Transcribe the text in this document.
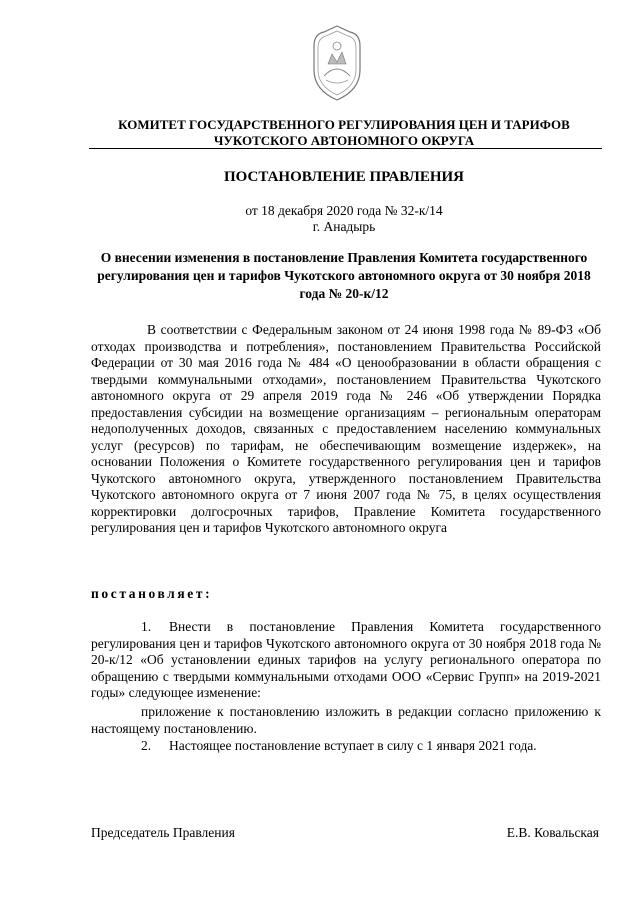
КОМИТЕТ ГОСУДАРСТВЕННОГО РЕГУЛИРОВАНИЯ ЦЕН И ТАРИФОВ
ЧУКОТСКОГО АВТОНОМНОГО ОКРУГА
ПОСТАНОВЛЕНИЕ ПРАВЛЕНИЯ
от 18 декабря 2020 года № 32-к/14
г. Анадырь
О внесении изменения в постановление Правления Комитета государственного регулирования цен и тарифов Чукотского автономного округа от 30 ноября 2018 года № 20-к/12
В соответствии с Федеральным законом от 24 июня 1998 года № 89-ФЗ «Об отходах производства и потребления», постановлением Правительства Российской Федерации от 30 мая 2016 года № 484 «О ценообразовании в области обращения с твердыми коммунальными отходами», постановлением Правительства Чукотского автономного округа от 29 апреля 2019 года № 246 «Об утверждении Порядка предоставления субсидии на возмещение организациям – региональным операторам недополученных доходов, связанных с предоставлением населению коммунальных услуг (ресурсов) по тарифам, не обеспечивающим возмещение издержек», на основании Положения о Комитете государственного регулирования цен и тарифов Чукотского автономного округа, утвержденного постановлением Правительства Чукотского автономного округа от 7 июня 2007 года № 75, в целях осуществления корректировки долгосрочных тарифов, Правление Комитета государственного регулирования цен и тарифов Чукотского автономного округа
постановляет:
1. Внести в постановление Правления Комитета государственного регулирования цен и тарифов Чукотского автономного округа от 30 ноября 2018 года № 20-к/12 «Об установлении единых тарифов на услугу регионального оператора по обращению с твердыми коммунальными отходами ООО «Сервис Групп» на 2019-2021 годы» следующее изменение:
приложение к постановлению изложить в редакции согласно приложению к настоящему постановлению.
2. Настоящее постановление вступает в силу с 1 января 2021 года.
Председатель Правления	Е.В. Ковальская
